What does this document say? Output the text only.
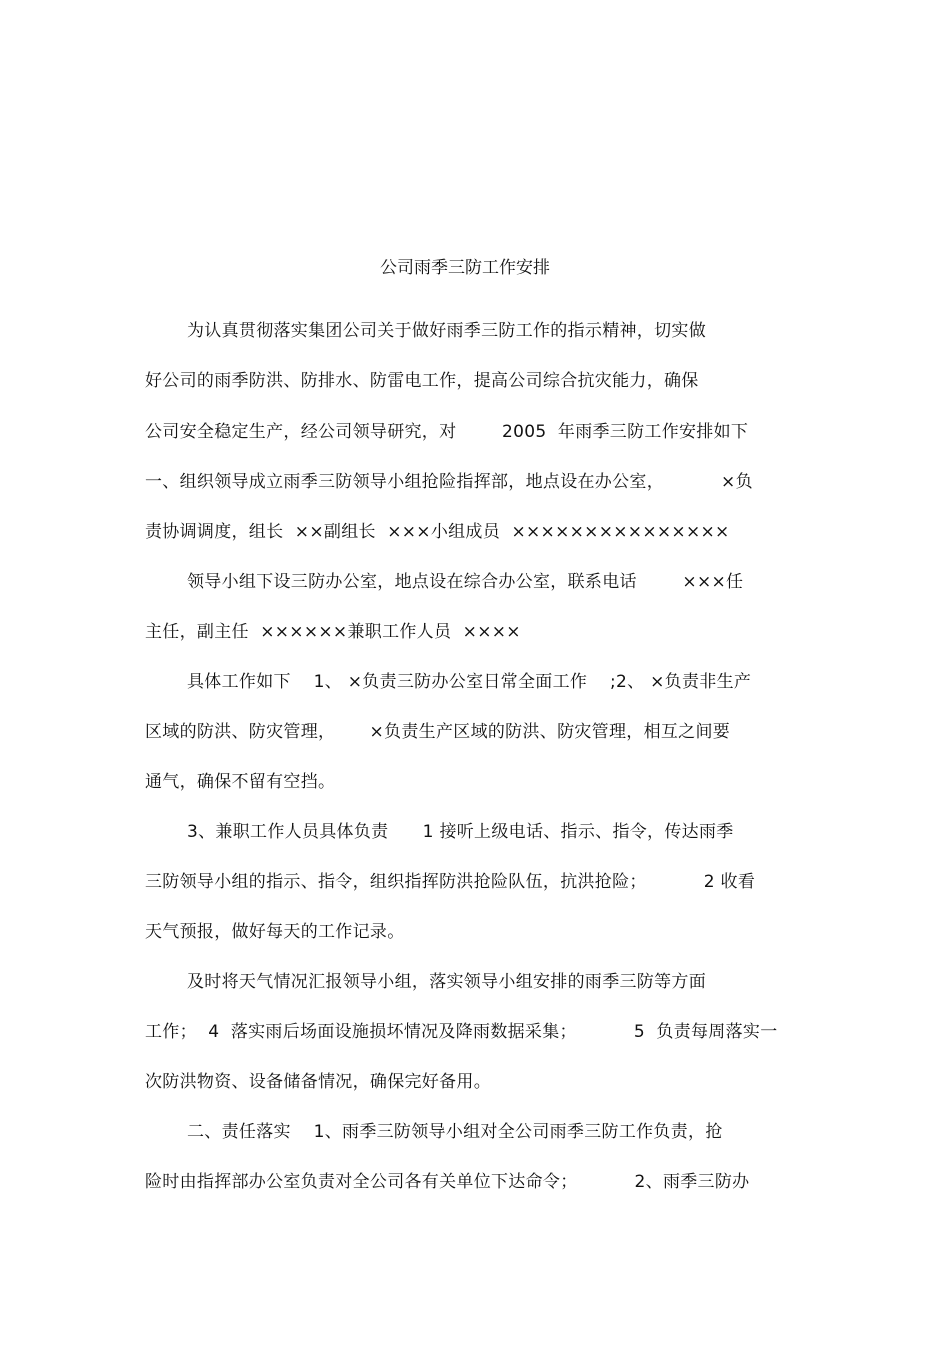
公司雨季三防工作安排
为认真贯彻落实集团公司关于做好雨季三防工作的指示精神，切实做
好公司的雨季防洪、防排水、防雷电工作，提高公司综合抗灾能力，确保
公司安全稳定生产，经公司领导研究，对        2005  年雨季三防工作安排如下
一、组织领导成立雨季三防领导小组抢险指挥部，地点设在办公室，          ×负
责协调调度，组长  ××副组长  ×××小组成员  ×××××××××××××××
领导小组下设三防办公室，地点设在综合办公室，联系电话        ×××任
主任，副主任  ××××××兼职工作人员  ××××
具体工作如下    1、 ×负责三防办公室日常全面工作    ;2、 ×负责非生产
区域的防洪、防灾管理，      ×负责生产区域的防洪、防灾管理，相互之间要
通气，确保不留有空挡。
3、兼职工作人员具体负责      1 接听上级电话、指示、指令，传达雨季
三防领导小组的指示、指令，组织指挥防洪抢险队伍，抗洪抢险；          2 收看
天气预报，做好每天的工作记录。
及时将天气情况汇报领导小组，落实领导小组安排的雨季三防等方面
工作；  4  落实雨后场面设施损坏情况及降雨数据采集；          5  负责每周落实一
次防洪物资、设备储备情况，确保完好备用。
二、责任落实    1、雨季三防领导小组对全公司雨季三防工作负责，抢
险时由指挥部办公室负责对全公司各有关单位下达命令；          2、雨季三防办
